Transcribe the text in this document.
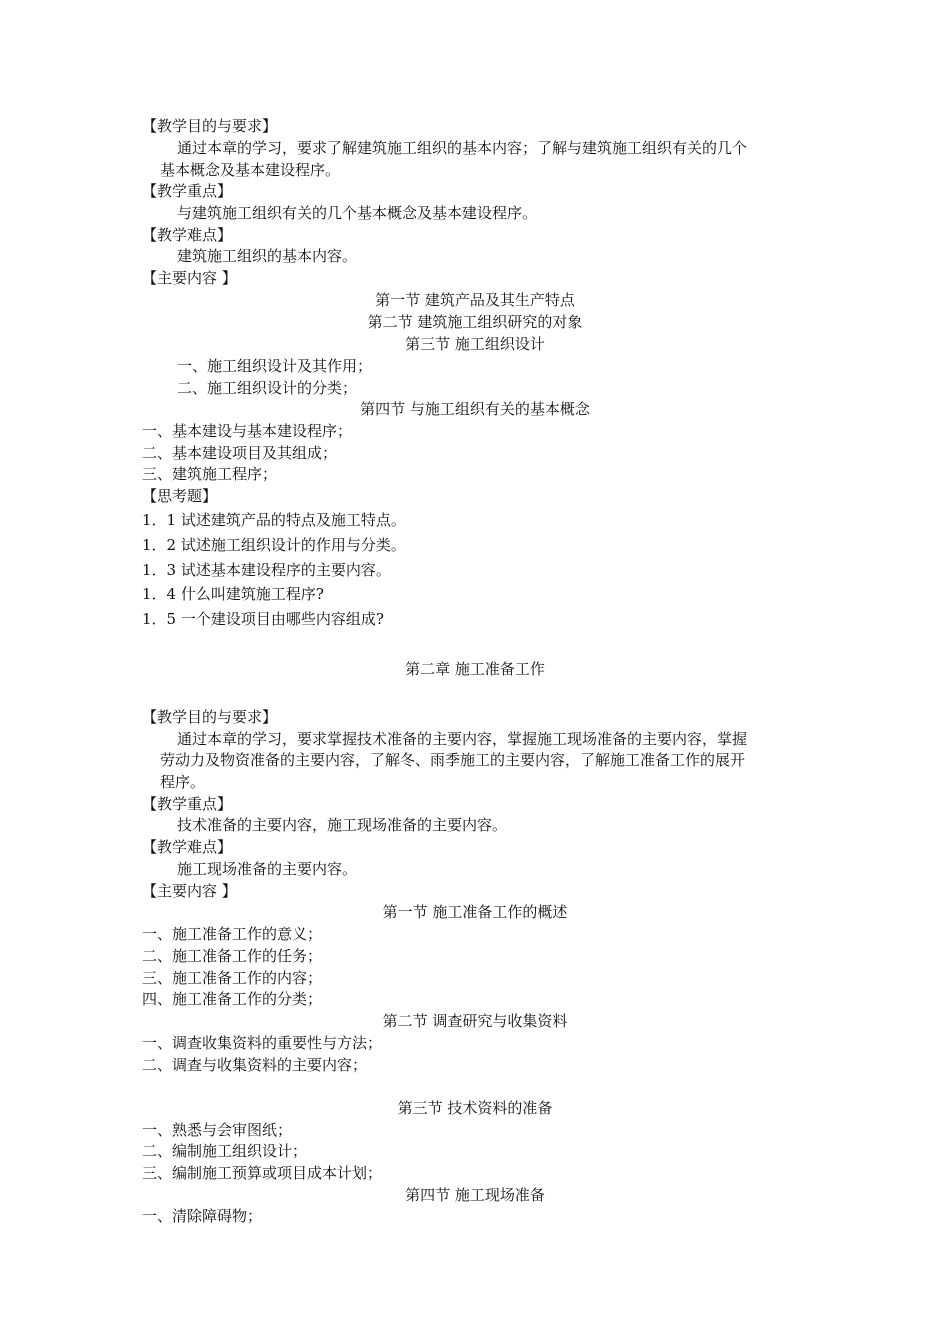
【教学目的与要求】
通过本章的学习，要求了解建筑施工组织的基本内容；了解与建筑施工组织有关的几个
基本概念及基本建设程序。
【教学重点】
与建筑施工组织有关的几个基本概念及基本建设程序。
【教学难点】
建筑施工组织的基本内容。
【主要内容 】
第一节 建筑产品及其生产特点
第二节 建筑施工组织研究的对象
第三节 施工组织设计
一、施工组织设计及其作用；
二、施工组织设计的分类；
第四节 与施工组织有关的基本概念
一、基本建设与基本建设程序；
二、基本建设项目及其组成；
三、建筑施工程序；
【思考题】
1．1 试述建筑产品的特点及施工特点。
1．2 试述施工组织设计的作用与分类。
1．3 试述基本建设程序的主要内容。
1．4 什么叫建筑施工程序?
1．5 一个建设项目由哪些内容组成?
第二章 施工准备工作
【教学目的与要求】
通过本章的学习，要求掌握技术准备的主要内容，掌握施工现场准备的主要内容，掌握
劳动力及物资准备的主要内容，了解冬、雨季施工的主要内容，了解施工准备工作的展开
程序。
【教学重点】
技术准备的主要内容，施工现场准备的主要内容。
【教学难点】
施工现场准备的主要内容。
【主要内容 】
第一节 施工准备工作的概述
一、施工准备工作的意义；
二、施工准备工作的任务；
三、施工准备工作的内容；
四、施工准备工作的分类；
第二节 调查研究与收集资料
一、调查收集资料的重要性与方法；
二、调查与收集资料的主要内容；
第三节 技术资料的准备
一、熟悉与会审图纸；
二、编制施工组织设计；
三、编制施工预算或项目成本计划；
第四节 施工现场准备
一、清除障碍物；
